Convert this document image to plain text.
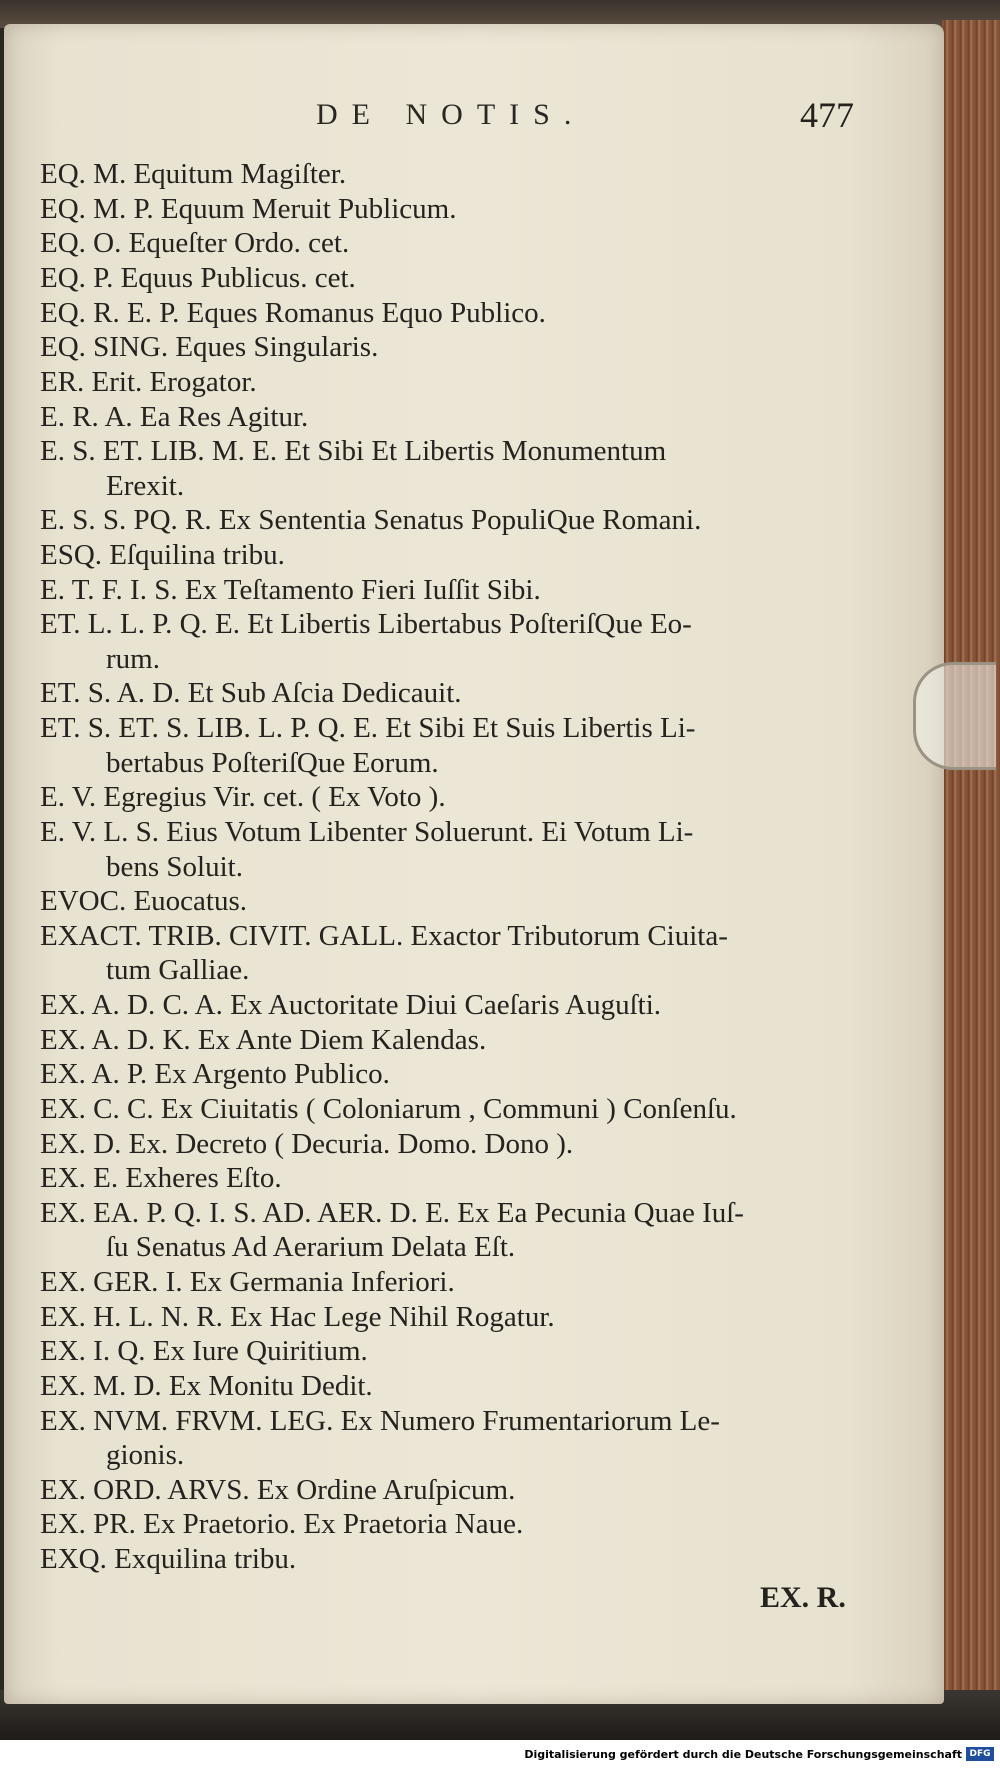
DE NOTIS.	477
EQ. M. Equitum Magiſter.
EQ. M. P. Equum Meruit Publicum.
EQ. O. Equeſter Ordo. cet.
EQ. P. Equus Publicus. cet.
EQ. R. E. P. Eques Romanus Equo Publico.
EQ. SING. Eques Singularis.
ER. Erit. Erogator.
E. R. A. Ea Res Agitur.
E. S. ET. LIB. M. E. Et Sibi Et Libertis Monumentum
Erexit.
E. S. S. PQ. R. Ex Sententia Senatus PopuliQue Romani.
ESQ. Eſquilina tribu.
E. T. F. I. S. Ex Teſtamento Fieri Iuſſit Sibi.
ET. L. L. P. Q. E. Et Libertis Libertabus PoſteriſQue Eo-
rum.
ET. S. A. D. Et Sub Aſcia Dedicauit.
ET. S. ET. S. LIB. L. P. Q. E. Et Sibi Et Suis Libertis Li-
bertabus PoſteriſQue Eorum.
E. V. Egregius Vir. cet. ( Ex Voto ).
E. V. L. S. Eius Votum Libenter Soluerunt. Ei Votum Li-
bens Soluit.
EVOC. Euocatus.
EXACT. TRIB. CIVIT. GALL. Exactor Tributorum Ciuita-
tum Galliae.
EX. A. D. C. A. Ex Auctoritate Diui Caeſaris Auguſti.
EX. A. D. K. Ex Ante Diem Kalendas.
EX. A. P. Ex Argento Publico.
EX. C. C. Ex Ciuitatis ( Coloniarum , Communi ) Conſenſu.
EX. D. Ex. Decreto ( Decuria. Domo. Dono ).
EX. E. Exheres Eſto.
EX. EA. P. Q. I. S. AD. AER. D. E. Ex Ea Pecunia Quae Iuſ-
ſu Senatus Ad Aerarium Delata Eſt.
EX. GER. I. Ex Germania Inferiori.
EX. H. L. N. R. Ex Hac Lege Nihil Rogatur.
EX. I. Q. Ex Iure Quiritium.
EX. M. D. Ex Monitu Dedit.
EX. NVM. FRVM. LEG. Ex Numero Frumentariorum Le-
gionis.
EX. ORD. ARVS. Ex Ordine Aruſpicum.
EX. PR. Ex Praetorio. Ex Praetoria Naue.
EXQ. Exquilina tribu.
EX. R.
Digitalisierung gefördert durch die Deutsche Forschungsgemeinschaft DFG
